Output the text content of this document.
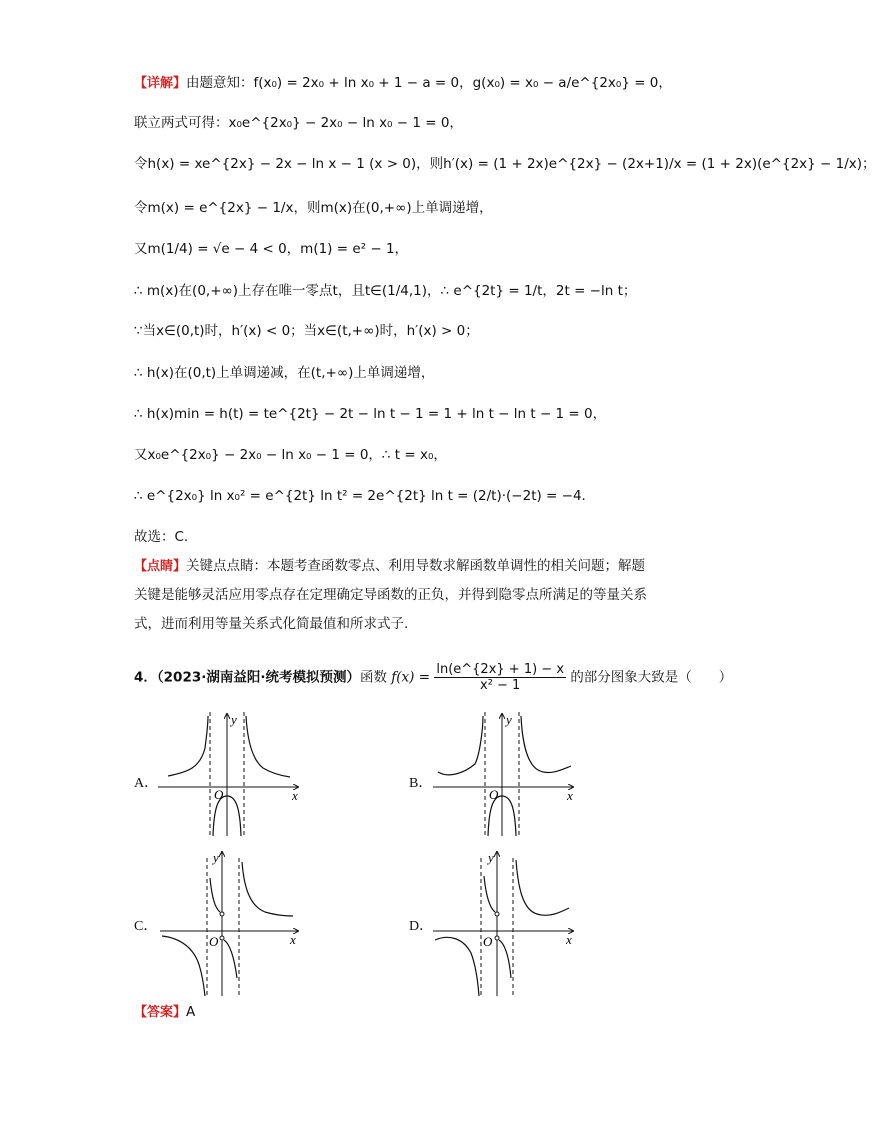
【详解】由题意知：f(x₀) = 2x₀ + ln x₀ + 1 − a = 0，g(x₀) = x₀ − a/e^{2x₀} = 0，
联立两式可得：x₀e^{2x₀} − 2x₀ − ln x₀ − 1 = 0，
令h(x) = xe^{2x} − 2x − ln x − 1 (x > 0)，则h′(x) = (1 + 2x)e^{2x} − (2x+1)/x = (1 + 2x)(e^{2x} − 1/x)；
令m(x) = e^{2x} − 1/x，则m(x)在(0,+∞)上单调递增，
又m(1/4) = √e − 4 < 0，m(1) = e² − 1，
∴ m(x)在(0,+∞)上存在唯一零点t，且t∈(1/4,1)，∴ e^{2t} = 1/t，2t = −ln t；
∵当x∈(0,t)时，h′(x) < 0；当x∈(t,+∞)时，h′(x) > 0；
∴ h(x)在(0,t)上单调递减，在(t,+∞)上单调递增，
∴ h(x)min = h(t) = te^{2t} − 2t − ln t − 1 = 1 + ln t − ln t − 1 = 0，
又x₀e^{2x₀} − 2x₀ − ln x₀ − 1 = 0，∴ t = x₀，
∴ e^{2x₀} ln x₀² = e^{2t} ln t² = 2e^{2t} ln t = (2/t)·(−2t) = −4.
故选：C.
【点睛】关键点点睛：本题考查函数零点、利用导数求解函数单调性的相关问题；解题
关键是能够灵活应用零点存在定理确定导函数的正负，并得到隐零点所满足的等量关系
式，进而利用等量关系式化简最值和所求式子.
4．（2023·湖南益阳·统考模拟预测）函数 $f(x) = \frac{\ln(e\^{}\{2x\} + 1) - x}{\text{x² − 1}}$ 的部分图象大致是（　　）
A．
O	x
y
B．
O	x
y
C．
O	x
y
D．
O	x
y
【答案】A
